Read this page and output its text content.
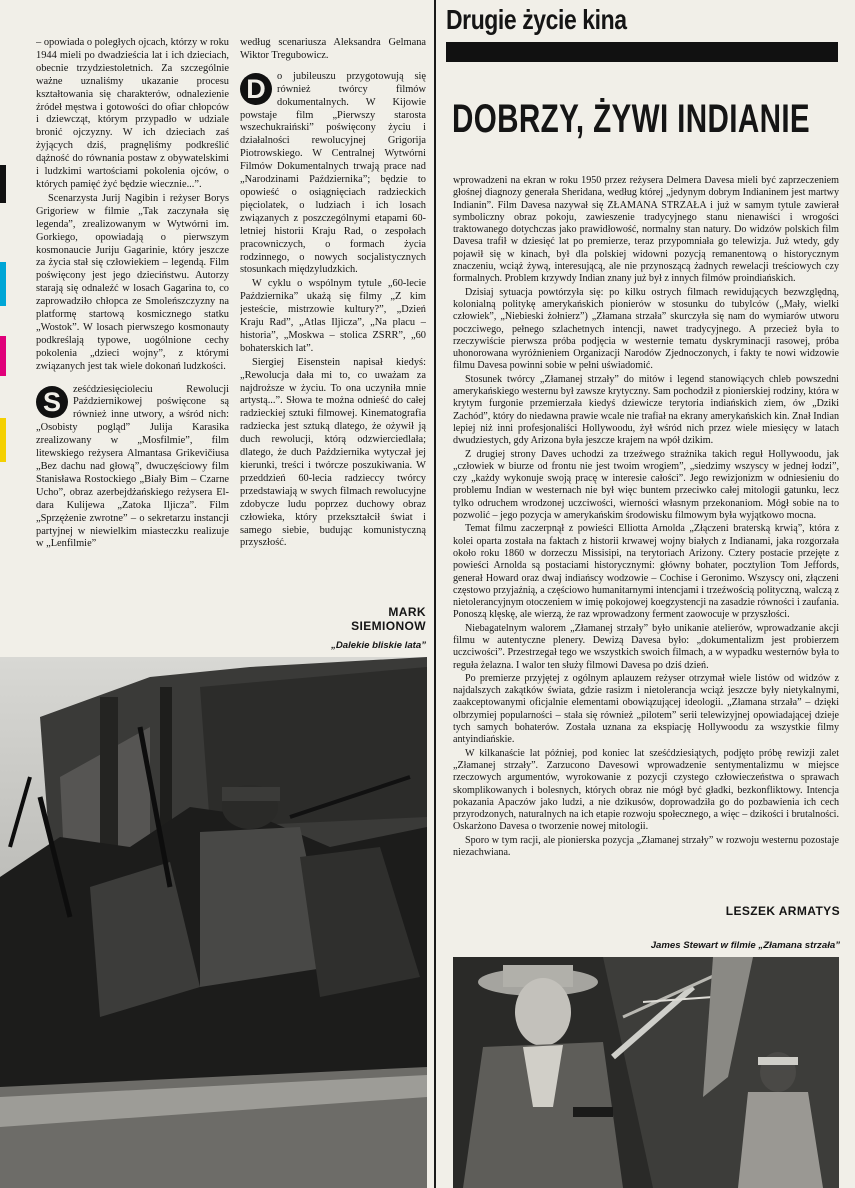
– opowiada o poległych ojcach, którzy w roku 1944 mieli po dwadzieścia lat i ich dzieciach, obecnie trzydziestoletnich. Za szczególnie ważne uznaliśmy ukazanie procesu kształtowania się charakterów, odnalezienie źródeł męstwa i gotowości do ofiar chłopców i dziewcząt, którym przypadło w udziale bronić ojczyzny. W ich dzieciach zaś żyjących dziś, pragnęliśmy podkreślić dążność do równania postaw z obywatelskimi i ludzkimi wartościami pokolenia ojców, o których pamięć żyć będzie wiecznie...”.

Scenarzysta Jurij Nagibin i reżyser Borys Grigoriew w filmie „Tak zaczynała się legenda”, zrealizowanym w Wytwórni im. Gorkiego, opowiadają o pierwszym kosmonaucie Juriju Gagarinie, który jeszcze za życia stał się człowiekiem – legendą. Film poświęcony jest jego dzieciństwu. Autorzy starają się odnaleźć w losach Gagarina to, co zaprowadziło chłopca ze Smoleńszczyzny na platformę startową kosmicznego statku „Wostok”. W losach pierwszego kosmonauty podkreślają typowe, uogólnione cechy pokolenia „dzieci wojny”, z którymi związanych jest tak wiele dokonań ludzkości.

S	ześćdziesięcioleciu Rewolucji Październikowej poświęcone są również inne utwory, a wśród nich: „Osobisty pogląd” Julija Karasika zrealizowany w „Mosfilmie”, film litewskiego reżysera Almantasa Grikevičiusa „Bez dachu nad głową”, dwuczęściowy film Stanisława Rostockiego „Biały Bim – Czarne Ucho”, obraz azerbejdżańskiego reżysera Eldara Kulijewa „Zatoka Iljicza”. Film „Sprzężenie zwrotne” – o sekretarzu instancji partyjnej w niewielkim miasteczku realizuje w „Lenfilmie”

według scenariusza Aleksandra Gelmana Wiktor Tregubowicz.

D	o jubileuszu przygotowują się również twórcy filmów dokumentalnych. W Kijowie powstaje film „Pierwszy starosta wszechukraiński” poświęcony życiu i działalności rewolucyjnej Grigorija Piotrowskiego. W Centralnej Wytwórni Filmów Dokumentalnych trwają prace nad „Narodzinami Października”; będzie to opowieść o osiągnięciach radzieckich pięciolatek, o ludziach i ich losach związanych z poszczególnymi etapami 60-letniej historii Kraju Rad, o zespołach pracowniczych, o formach życia rodzinnego, o nowych socjalistycznych stosunkach międzyludzkich.

W cyklu o wspólnym tytule „60-lecie Października” ukażą się filmy „Z kim jesteście, mistrzowie kultury?”, „Dzień Kraju Rad”, „Atlas Iljicza”, „Na placu – historia”, „Moskwa – stolica ZSRR”, „60 bohaterskich lat”.

Siergiej Eisenstein napisał kiedyś: „Rewolucja dała mi to, co uważam za najdroższe w życiu. To ona uczyniła mnie artystą...”. Słowa te można odnieść do całej radzieckiej sztuki filmowej. Kinematografia radziecka jest sztuką dlatego, że ożywił ją duch rewolucji, którą odzwierciedlała; dlatego, że duch Października wytyczał jej kierunki, treści i twórcze poszukiwania. W przeddzień 60-lecia radzieccy twórcy przedstawiają w swych filmach rewolucyjne zdobycze ludu poprzez duchowy obraz człowieka, który przekształcił świat i samego siebie, budując komunistyczną przyszłość.

MARK
SIEMIONOW
„Dalekie bliskie lata”
Drugie życie kina
DOBRZY, ŻYWI INDIANIE

wprowadzeni na ekran w roku 1950 przez reżysera Delmera Davesa mieli być zaprzeczeniem głośnej diagnozy generała Sheridana, według której „jedynym dobrym Indianinem jest martwy Indianin”. Film Davesa nazywał się ZŁAMANA STRZAŁA i już w samym tytule zawierał symboliczny obraz pokoju, zawieszenie tradycyjnego stanu nienawiści i wrogości traktowanego dotychczas jako prawidłowość, normalny stan natury. Do widzów polskich film Davesa trafił w dziesięć lat po premierze, teraz przypomniała go telewizja. Już wtedy, gdy pojawił się w kinach, był dla polskiej widowni pozycją remanentową o historycznym znaczeniu, wciąż żywą, interesującą, ale nie przynoszącą żadnych rewelacji treściowych czy formalnych. Problem krzywdy Indian znany już był z innych filmów proindiańskich.

Dzisiaj sytuacja powtórzyła się: po kilku ostrych filmach rewidujących bezwzględną, kolonialną politykę amerykańskich pionierów w stosunku do tubylców („Mały, wielki człowiek”, „Niebieski żołnierz”) „Złamana strzała” skurczyła się nam do wymiarów utworu poczciwego, pełnego szlachetnych intencji, nawet tradycyjnego. A przecież była to rzeczywiście pierwsza próba podjęcia w westernie tematu dyskryminacji rasowej, próba uhonorowana wyróżnieniem Organizacji Narodów Zjednoczonych, i fakty te nowi widzowie filmu Davesa powinni sobie w pełni uświadomić.

Stosunek twórcy „Złamanej strzały” do mitów i legend stanowiących chleb powszedni amerykańskiego westernu był zawsze krytyczny. Sam pochodził z pionierskiej rodziny, która w krytym furgonie przemierzała kiedyś dziewicze terytoria indiańskich ziem, ów „Dziki Zachód”, który do niedawna prawie wcale nie trafiał na ekrany amerykańskich kin. Znał Indian lepiej niż inni profesjonaliści Hollywoodu, żył wśród nich przez wiele miesięcy w latach dwudziestych, gdy Arizona była jeszcze krajem na wpół dzikim.

Z drugiej strony Daves uchodzi za trzeźwego strażnika takich reguł Hollywoodu, jak „człowiek w biurze od frontu nie jest twoim wrogiem”, „siedzimy wszyscy w jednej łodzi”, czy „każdy wykonuje swoją pracę w interesie całości”. Jego rewizjonizm w odniesieniu do problemu Indian w westernach nie był więc buntem przeciwko całej mitologii gatunku, lecz tylko odruchem wrodzonej uczciwości, wierności własnym przekonaniom. Mógł sobie na to pozwolić – jego pozycja w amerykańskim środowisku filmowym była wyjątkowo mocna.

Temat filmu zaczerpnął z powieści Elliotta Arnolda „Złączeni braterską krwią”, która z kolei oparta została na faktach z historii krwawej wojny białych z Indianami, jaka rozgorzała około roku 1860 w dorzeczu Missisipi, na terytoriach Arizony. Cztery postacie przejęte z powieści Arnolda są postaciami historycznymi: główny bohater, pocztylion Tom Jeffords, generał Howard oraz dwaj indiańscy wodzowie – Cochise i Geronimo. Wszyscy oni, złączeni częstowo przyjaźnią, a częściowo humanitarnymi intencjami i trzeźwością polityczną, walczą z nietolerancyjnym otoczeniem w imię pokojowej koegzystencji na zasadzie równości i zaufania. Ponoszą klęskę, ale wierzą, że raz wprowadzony ferment zaowocuje w przyszłości.

Niebagatelnym walorem „Złamanej strzały” było unikanie atelierów, wprowadzanie akcji filmu w autentyczne plenery. Dewizą Davesa było: „dokumentalizm jest probierzem uczciwości”. Przestrzegał tego we wszystkich swoich filmach, a w wypadku westernów była to reguła żelazna. I walor ten służy filmowi Davesa po dziś dzień.

Po premierze przyjętej z ogólnym aplauzem reżyser otrzymał wiele listów od widzów z najdalszych zakątków świata, gdzie rasizm i nietolerancja wciąż jeszcze były nietykalnymi, zaakceptowanymi oficjalnie elementami obowiązującej ideologii. „Złamana strzała” – dzięki olbrzymiej popularności – stała się również „pilotem” serii telewizyjnej opowiadającej dzieje tych samych bohaterów. Została uznana za ekspiację Hollywoodu za wszystkie filmy antyindiańskie.

W kilkanaście lat później, pod koniec lat sześćdziesiątych, podjęto próbę rewizji zalet „Złamanej strzały”. Zarzucono Davesowi wprowadzenie sentymentalizmu w miejsce rzeczowych argumentów, wyrokowanie z pozycji czystego człowieczeństwa o sprawach skomplikowanych i bolesnych, których obraz nie mógł być gładki, bezkonfliktowy. Intencja pokazania Apaczów jako ludzi, a nie dzikusów, doprowadziła go do pozbawienia ich cech przyrodzonych, naturalnych na ich etapie rozwoju społecznego, a więc – dzikości i brutalności. Oskarżono Davesa o tworzenie nowej mitologii.

Sporo w tym racji, ale pionierska pozycja „Złamanej strzały” w rozwoju westernu pozostaje niezachwiana.

LESZEK ARMATYS
James Stewart w filmie „Złamana strzała”
